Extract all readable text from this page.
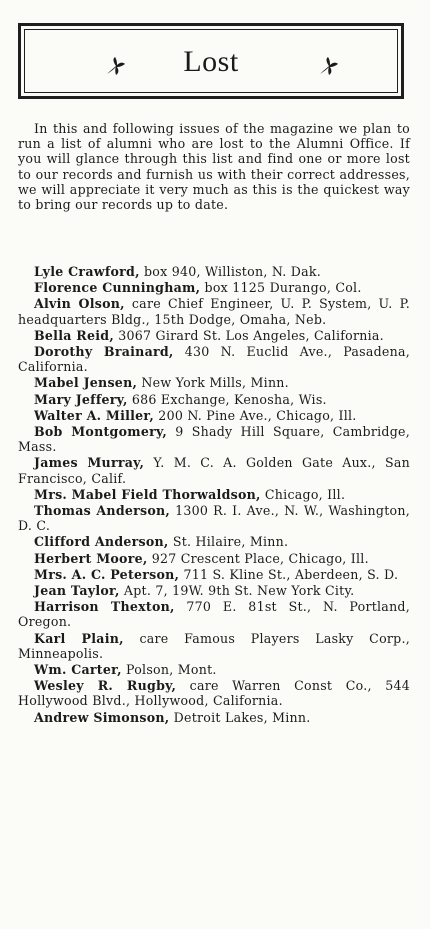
Lost

In this and following issues of the magazine we plan to run a list of alumni who are lost to the Alumni Office. If you will glance through this list and find one or more lost to our records and furnish us with their correct addresses, we will appreciate it very much as this is the quickest way to bring our records up to date.

Lyle Crawford, box 940, Williston, N. Dak.

Florence Cunningham, box 1125 Durango, Col.

Alvin Olson, care Chief Engineer, U. P. System, U. P. headquarters Bldg., 15th Dodge, Omaha, Neb.

Bella Reid, 3067 Girard St. Los Angeles, California.

Dorothy Brainard, 430 N. Euclid Ave., Pasadena, California.

Mabel Jensen, New York Mills, Minn.

Mary Jeffery, 686 Exchange, Kenosha, Wis.

Walter A. Miller, 200 N. Pine Ave., Chicago, Ill.

Bob Montgomery, 9 Shady Hill Square, Cambridge, Mass.

James Murray, Y. M. C. A. Golden Gate Aux., San Francisco, Calif.

Mrs. Mabel Field Thorwaldson, Chicago, Ill.

Thomas Anderson, 1300 R. I. Ave., N. W., Washington, D. C.

Clifford Anderson, St. Hilaire, Minn.

Herbert Moore, 927 Crescent Place, Chicago, Ill.

Mrs. A. C. Peterson, 711 S. Kline St., Aberdeen, S. D.

Jean Taylor, Apt. 7, 19W. 9th St. New York City.

Harrison Thexton, 770 E. 81st St., N. Portland, Oregon.

Karl Plain, care Famous Players Lasky Corp., Minneapolis.

Wm. Carter, Polson, Mont.

Wesley R. Rugby, care Warren Const Co., 544 Hollywood Blvd., Hollywood, California.

Andrew Simonson, Detroit Lakes, Minn.
